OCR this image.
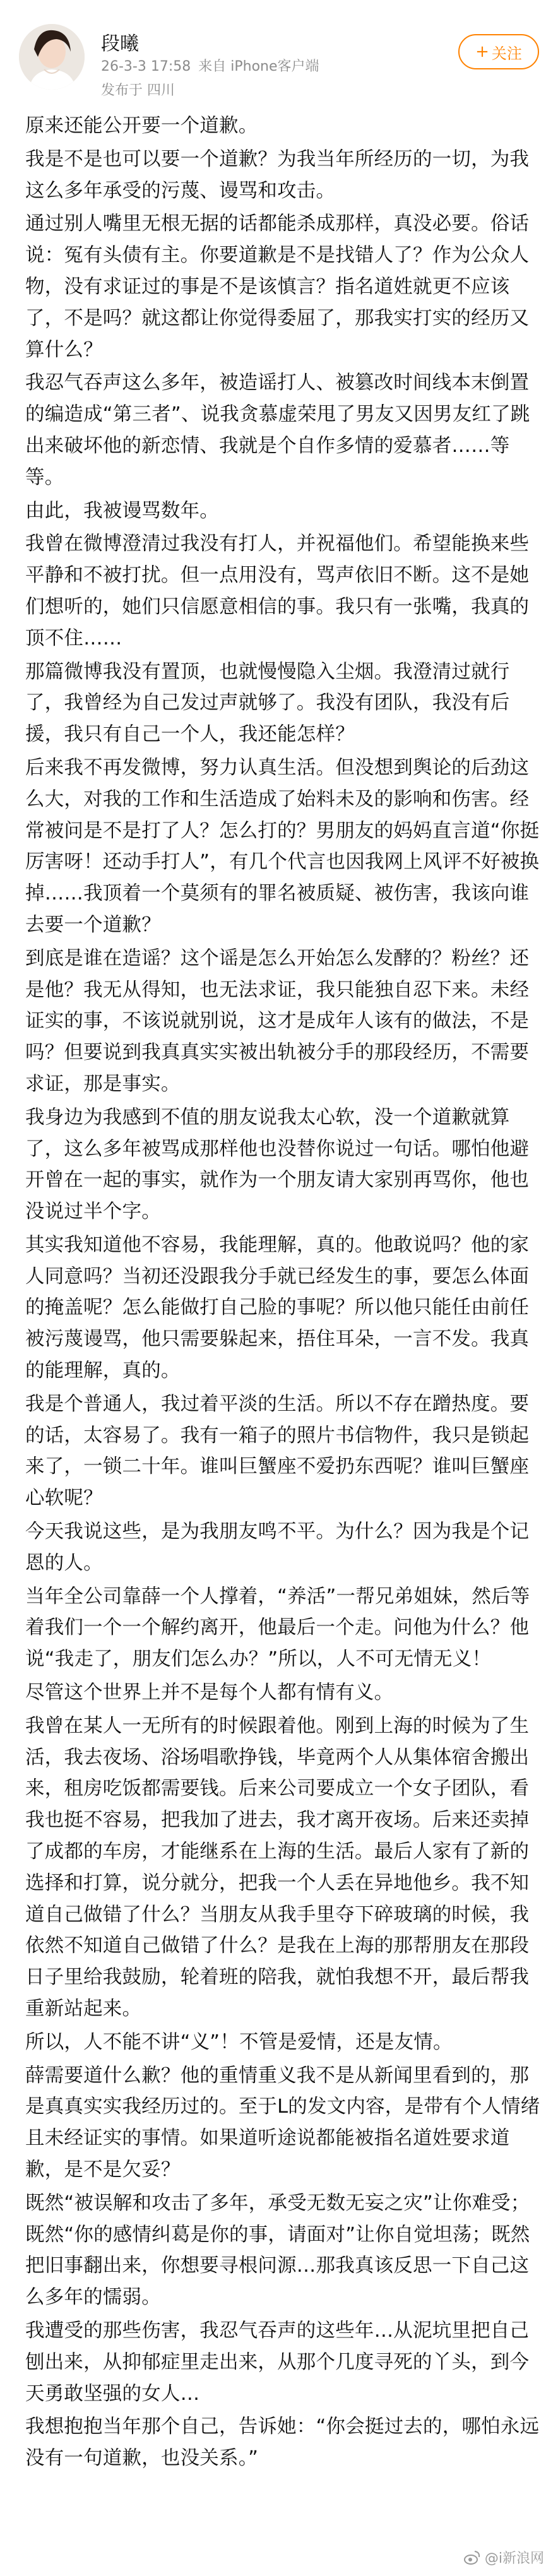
段曦
26-3-3 17:58 来自 iPhone客户端
发布于 四川
+ 关注

原来还能公开要一个道歉。

我是不是也可以要一个道歉？为我当年所经历的一切，为我这么多年承受的污蔑、谩骂和攻击。

通过别人嘴里无根无据的话都能杀成那样，真没必要。俗话说：冤有头债有主。你要道歉是不是找错人了？作为公众人物，没有求证过的事是不是该慎言？指名道姓就更不应该了，不是吗？就这都让你觉得委屈了，那我实打实的经历又算什么？

我忍气吞声这么多年，被造谣打人、被篡改时间线本末倒置的编造成“第三者”、说我贪慕虚荣甩了男友又因男友红了跳出来破坏他的新恋情、我就是个自作多情的爱慕者……等等。

由此，我被谩骂数年。

我曾在微博澄清过我没有打人，并祝福他们。希望能换来些平静和不被打扰。但一点用没有，骂声依旧不断。这不是她们想听的，她们只信愿意相信的事。我只有一张嘴，我真的顶不住……

那篇微博我没有置顶，也就慢慢隐入尘烟。我澄清过就行了，我曾经为自己发过声就够了。我没有团队，我没有后援，我只有自己一个人，我还能怎样？

后来我不再发微博，努力认真生活。但没想到舆论的后劲这么大，对我的工作和生活造成了始料未及的影响和伤害。经常被问是不是打了人？怎么打的？男朋友的妈妈直言道“你挺厉害呀！还动手打人”，有几个代言也因我网上风评不好被换掉……我顶着一个莫须有的罪名被质疑、被伤害，我该向谁去要一个道歉？

到底是谁在造谣？这个谣是怎么开始怎么发酵的？粉丝？还是他？我无从得知，也无法求证，我只能独自忍下来。未经证实的事，不该说就别说，这才是成年人该有的做法，不是吗？但要说到我真真实实被出轨被分手的那段经历，不需要求证，那是事实。

我身边为我感到不值的朋友说我太心软，没一个道歉就算了，这么多年被骂成那样他也没替你说过一句话。哪怕他避开曾在一起的事实，就作为一个朋友请大家别再骂你，他也没说过半个字。

其实我知道他不容易，我能理解，真的。他敢说吗？他的家人同意吗？当初还没跟我分手就已经发生的事，要怎么体面的掩盖呢？怎么能做打自己脸的事呢？所以他只能任由前任被污蔑谩骂，他只需要躲起来，捂住耳朵，一言不发。我真的能理解，真的。

我是个普通人，我过着平淡的生活。所以不存在蹭热度。要的话，太容易了。我有一箱子的照片书信物件，我只是锁起来了，一锁二十年。谁叫巨蟹座不爱扔东西呢？谁叫巨蟹座心软呢？

今天我说这些，是为我朋友鸣不平。为什么？因为我是个记恩的人。

当年全公司靠薛一个人撑着，“养活”一帮兄弟姐妹，然后等着我们一个一个解约离开，他最后一个走。问他为什么？他说“我走了，朋友们怎么办？”所以，人不可无情无义！

尽管这个世界上并不是每个人都有情有义。

我曾在某人一无所有的时候跟着他。刚到上海的时候为了生活，我去夜场、浴场唱歌挣钱，毕竟两个人从集体宿舍搬出来，租房吃饭都需要钱。后来公司要成立一个女子团队，看我也挺不容易，把我加了进去，我才离开夜场。后来还卖掉了成都的车房，才能继系在上海的生活。最后人家有了新的选择和打算，说分就分，把我一个人丢在异地他乡。我不知道自己做错了什么？当朋友从我手里夺下碎玻璃的时候，我依然不知道自己做错了什么？是我在上海的那帮朋友在那段日子里给我鼓励，轮着班的陪我，就怕我想不开，最后帮我重新站起来。

所以，人不能不讲“义”！不管是爱情，还是友情。

薛需要道什么歉？他的重情重义我不是从新闻里看到的，那是真真实实我经历过的。至于L的发文内容，是带有个人情绪且未经证实的事情。如果道听途说都能被指名道姓要求道歉，是不是欠妥？

既然“被误解和攻击了多年，承受无数无妄之灾”让你难受；既然“你的感情纠葛是你的事，请面对”让你自觉坦荡；既然把旧事翻出来，你想要寻根问源…那我真该反思一下自己这么多年的懦弱。

我遭受的那些伤害，我忍气吞声的这些年…从泥坑里把自己刨出来，从抑郁症里走出来，从那个几度寻死的丫头，到今天勇敢坚强的女人…

我想抱抱当年那个自己，告诉她：“你会挺过去的，哪怕永远没有一句道歉，也没关系。”

@i新浪网
